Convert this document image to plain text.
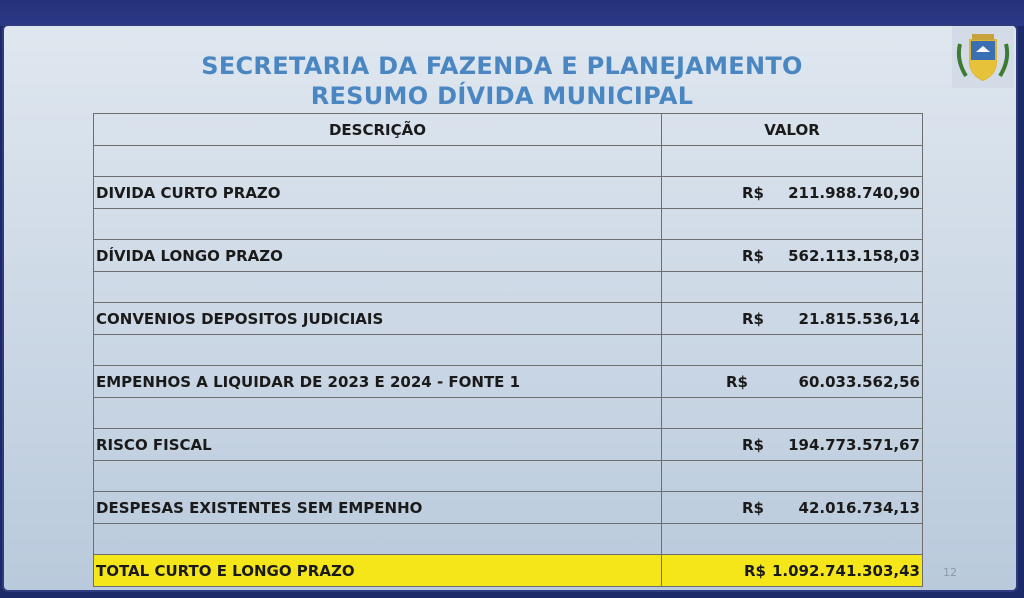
SECRETARIA DA FAZENDA E PLANEJAMENTO
RESUMO DÍVIDA MUNICIPAL
DESCRIÇÃO	VALOR

DIVIDA CURTO PRAZO	R$ 211.988.740,90

DÍVIDA LONGO PRAZO	R$ 562.113.158,03

CONVENIOS DEPOSITOS JUDICIAIS	R$ 21.815.536,14

EMPENHOS A LIQUIDAR DE 2023 E 2024 - FONTE 1	R$ 60.033.562,56

RISCO FISCAL	R$ 194.773.571,67

DESPESAS EXISTENTES SEM EMPENHO	R$ 42.016.734,13

TOTAL CURTO E LONGO PRAZO	R$ 1.092.741.303,43 12
